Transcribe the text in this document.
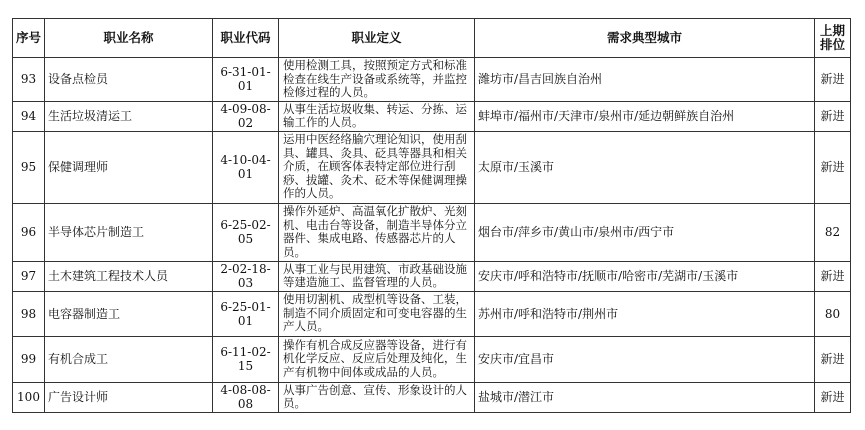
序号	职业名称	职业代码	职业定义	需求典型城市	上期排位
93	设备点检员	6-31-01-01	使用检测工具，按照预定方式和标准检查在线生产设备或系统等，并监控检修过程的人员。	潍坊市/昌吉回族自治州	新进
94	生活垃圾清运工	4-09-08-02	从事生活垃圾收集、转运、分拣、运输工作的人员。	蚌埠市/福州市/天津市/泉州市/延边朝鲜族自治州	新进
95	保健调理师	4-10-04-01	运用中医经络腧穴理论知识，使用刮具、罐具、灸具、砭具等器具和相关介质，在顾客体表特定部位进行刮痧、拔罐、灸术、砭术等保健调理操作的人员。	太原市/玉溪市	新进
96	半导体芯片制造工	6-25-02-05	操作外延炉、高温氧化扩散炉、光刻机、电击台等设备，制造半导体分立器件、集成电路、传感器芯片的人员。	烟台市/萍乡市/黄山市/泉州市/西宁市	82
97	土木建筑工程技术人员	2-02-18-03	从事工业与民用建筑、市政基础设施等建造施工、监督管理的人员。	安庆市/呼和浩特市/抚顺市/哈密市/芜湖市/玉溪市	新进
98	电容器制造工	6-25-01-01	使用切割机、成型机等设备、工装，制造不同介质固定和可变电容器的生产人员。	苏州市/呼和浩特市/荆州市	80
99	有机合成工	6-11-02-15	操作有机合成反应器等设备，进行有机化学反应、反应后处理及纯化，生产有机物中间体或成品的人员。	安庆市/宜昌市	新进
100	广告设计师	4-08-08-08	从事广告创意、宣传、形象设计的人员。	盐城市/潜江市	新进
